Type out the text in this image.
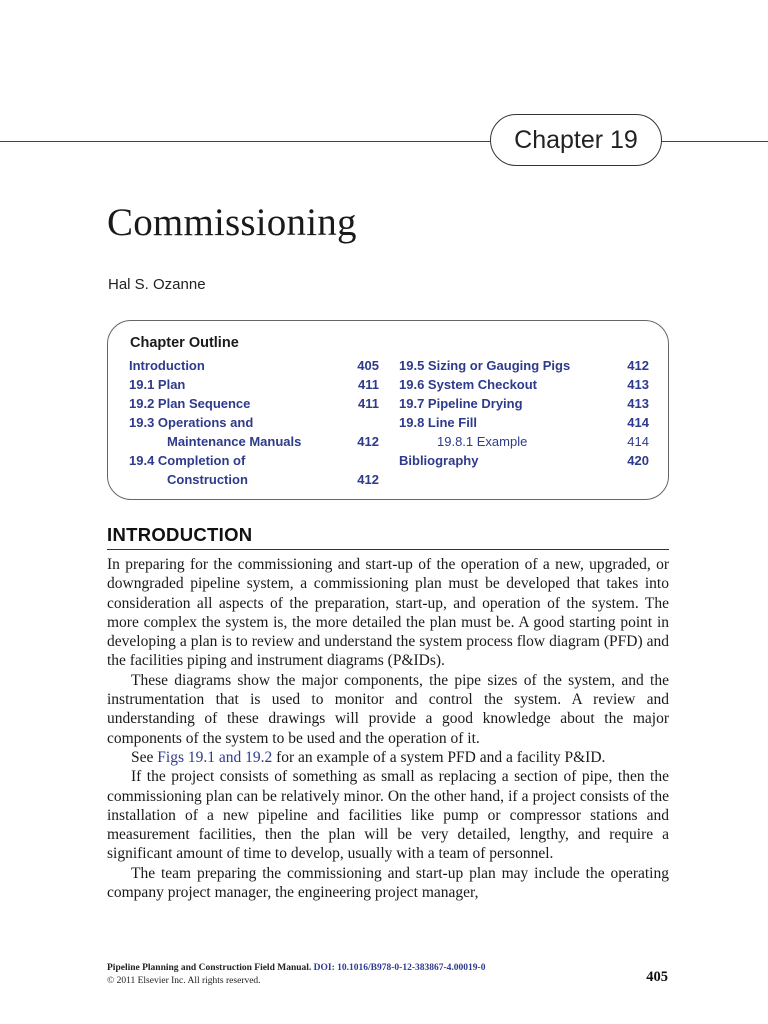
Chapter 19
Commissioning
Hal S. Ozanne
Chapter Outline
Introduction	405
19.1 Plan	411
19.2 Plan Sequence	411
19.3 Operations and
Maintenance Manuals	412
19.4 Completion of
Construction	412
19.5 Sizing or Gauging Pigs	412
19.6 System Checkout	413
19.7 Pipeline Drying	413
19.8 Line Fill	414
19.8.1 Example	414
Bibliography	420
INTRODUCTION

In preparing for the commissioning and start-up of the operation of a new, upgraded, or downgraded pipeline system, a commissioning plan must be developed that takes into consideration all aspects of the preparation, start-up, and operation of the system. The more complex the system is, the more detailed the plan must be. A good starting point in developing a plan is to review and understand the system process flow diagram (PFD) and the facilities piping and instrument diagrams (P&IDs).

These diagrams show the major components, the pipe sizes of the system, and the instrumentation that is used to monitor and control the system. A review and understanding of these drawings will provide a good knowledge about the major components of the system to be used and the operation of it.

See Figs 19.1 and 19.2 for an example of a system PFD and a facility P&ID.

If the project consists of something as small as replacing a section of pipe, then the commissioning plan can be relatively minor. On the other hand, if a project consists of the installation of a new pipeline and facilities like pump or compressor stations and measurement facilities, then the plan will be very detailed, lengthy, and require a significant amount of time to develop, usually with a team of personnel.

The team preparing the commissioning and start-up plan may include the operating company project manager, the engineering project manager,

Pipeline Planning and Construction Field Manual. DOI: 10.1016/B978-0-12-383867-4.00019-0
© 2011 Elsevier Inc. All rights reserved.	405
